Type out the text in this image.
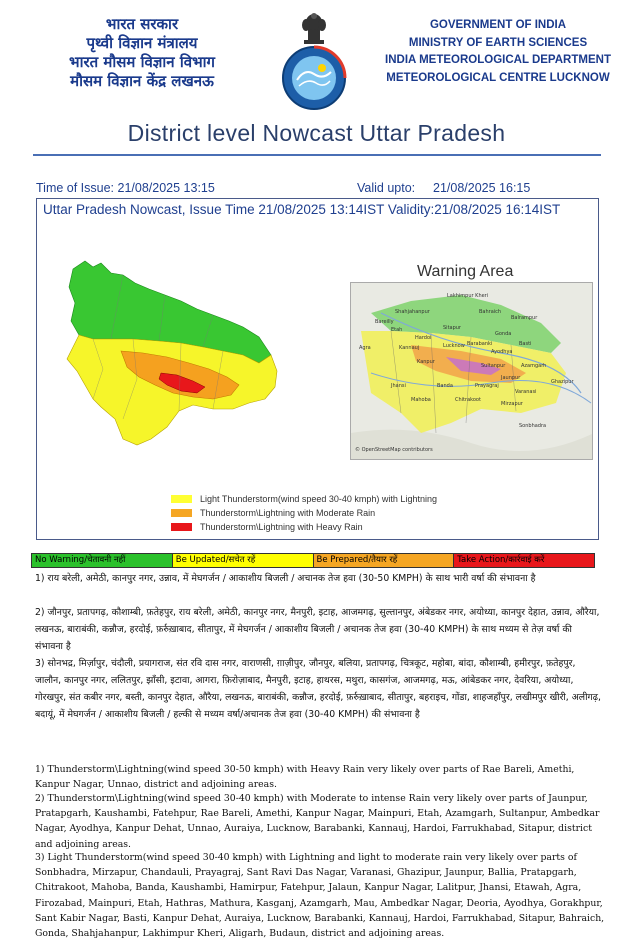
भारत सरकार
पृथ्वी विज्ञान मंत्रालय
भारत मौसम विज्ञान विभाग
मौसम विज्ञान केंद्र लखनऊ
GOVERNMENT OF INDIA
MINISTRY OF EARTH SCIENCES
INDIA METEOROLOGICAL DEPARTMENT
METEOROLOGICAL CENTRE LUCKNOW
District level Nowcast Uttar Pradesh
Time of Issue: 21/08/2025 13:15	Valid upto: 21/08/2025 16:15
Uttar Pradesh Nowcast, Issue Time 21/08/2025 13:14IST Validity:21/08/2025 16:14IST
Warning Area
Lakhimpur Kheri
Bahraich
Balrampur
Shahjahanpur
Sitapur
Gonda
Bareilly
Lucknow
Ayodhya
Basti
Kannauj
Hardoi
Barabanki
Agra
Etah
Kanpur
Sultanpur	Azamgarh
Jhansi	Banda	Prayagraj
Varanasi
Mahoba
Mirzapur
Chitrakoot
Jaunpur
Sonbhadra
Ghazipur
© OpenStreetMap contributors
Light Thunderstorm(wind speed 30-40 kmph) with Lightning
Thunderstorm\Lightning with Moderate Rain
Thunderstorm\Lightning with Heavy Rain
No Warning/चेतावनी नहीं	Be Updated/सचेत रहें	Be Prepared/तैयार रहें	Take Action/कार्रवाई करें
1) राय बरेली, अमेठी, कानपुर नगर, उन्नाव, में मेघगर्जन / आकाशीय बिजली / अचानक तेज हवा (30-50 KMPH) के साथ भारी वर्षा की संभावना है
2) जौनपुर, प्रतापगढ़, कौशाम्बी, फ़तेहपुर, राय बरेली, अमेठी, कानपुर नगर, मैनपुरी, इटाह, आजमगढ़, सुल्तानपुर, अंबेडकर नगर, अयोध्या, कानपुर देहात, उन्नाव, औरैया, लखनऊ, बाराबंकी, कन्नौज, हरदोई, फ़र्रुख़ाबाद, सीतापुर, में मेघगर्जन / आकाशीय बिजली / अचानक तेज हवा (30-40 KMPH) के साथ मध्यम से तेज़ वर्षा की संभावना है
3) सोनभद्र, मिर्ज़ापुर, चंदौली, प्रयागराज, संत रवि दास नगर, वाराणसी, ग़ाज़ीपुर, जौनपुर, बलिया, प्रतापगढ़, चित्रकूट, महोबा, बांदा, कौशाम्बी, हमीरपुर, फ़तेहपुर, जालौन, कानपुर नगर, ललितपुर, झाँसी, इटावा, आगरा, फ़िरोज़ाबाद, मैनपुरी, इटाह, हाथरस, मथुरा, कासगंज, आजमगढ़, मऊ, आंबेडकर नगर, देवरिया, अयोध्या, गोरखपुर, संत कबीर नगर, बस्ती, कानपुर देहात, औरैया, लखनऊ, बाराबंकी, कन्नौज, हरदोई, फ़र्रुख़ाबाद, सीतापुर, बहराइच, गोंडा, शाहजहाँपुर, लखीमपुर खीरी, अलीगढ़, बदायूं, में मेघगर्जन / आकाशीय बिजली / हल्की से मध्यम वर्षा/अचानक तेज हवा (30-40 KMPH) की संभावना है
1) Thunderstorm\Lightning(wind speed 30-50 kmph) with Heavy Rain very likely over parts of Rae Bareli, Amethi, Kanpur Nagar, Unnao, district and adjoining areas.
2) Thunderstorm\Lightning(wind speed 30-40 kmph) with Moderate to intense Rain very likely over parts of Jaunpur, Pratapgarh, Kaushambi, Fatehpur, Rae Bareli, Amethi, Kanpur Nagar, Mainpuri, Etah, Azamgarh, Sultanpur, Ambedkar Nagar, Ayodhya, Kanpur Dehat, Unnao, Auraiya, Lucknow, Barabanki, Kannauj, Hardoi, Farrukhabad, Sitapur, district and adjoining areas.
3) Light Thunderstorm(wind speed 30-40 kmph) with Lightning and light to moderate rain very likely over parts of Sonbhadra, Mirzapur, Chandauli, Prayagraj, Sant Ravi Das Nagar, Varanasi, Ghazipur, Jaunpur, Ballia, Pratapgarh, Chitrakoot, Mahoba, Banda, Kaushambi, Hamirpur, Fatehpur, Jalaun, Kanpur Nagar, Lalitpur, Jhansi, Etawah, Agra, Firozabad, Mainpuri, Etah, Hathras, Mathura, Kasganj, Azamgarh, Mau, Ambedkar Nagar, Deoria, Ayodhya, Gorakhpur, Sant Kabir Nagar, Basti, Kanpur Dehat, Auraiya, Lucknow, Barabanki, Kannauj, Hardoi, Farrukhabad, Sitapur, Bahraich, Gonda, Shahjahanpur, Lakhimpur Kheri, Aligarh, Budaun, district and adjoining areas.
